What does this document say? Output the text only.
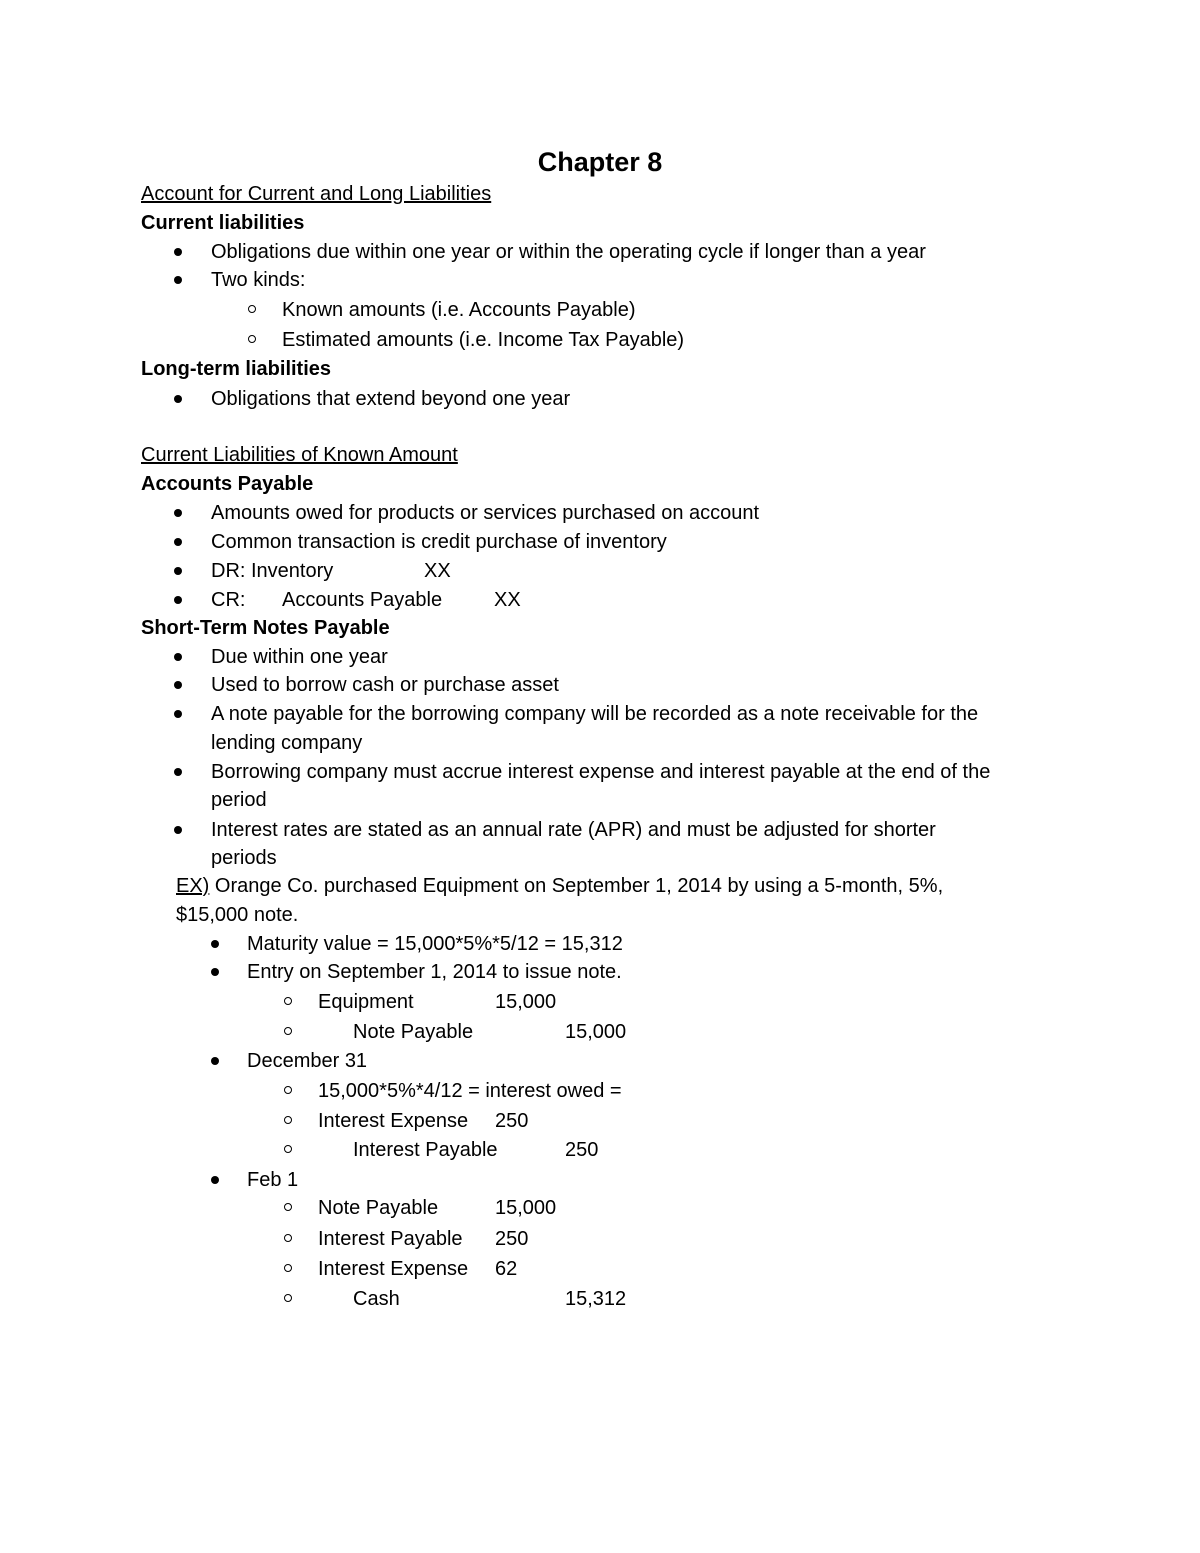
Chapter 8
Account for Current and Long Liabilities
Current liabilities
Obligations due within one year or within the operating cycle if longer than a year
Two kinds:
Known amounts (i.e. Accounts Payable)
Estimated amounts (i.e. Income Tax Payable)
Long-term liabilities
Obligations that extend beyond one year
Current Liabilities of Known Amount
Accounts Payable
Amounts owed for products or services purchased on account
Common transaction is credit purchase of inventory
DR: Inventory	XX
CR: Accounts Payable	XX
Short-Term Notes Payable
Due within one year
Used to borrow cash or purchase asset
A note payable for the borrowing company will be recorded as a note receivable for the
lending company
Borrowing company must accrue interest expense and interest payable at the end of the
period
Interest rates are stated as an annual rate (APR) and must be adjusted for shorter
periods
EX) Orange Co. purchased Equipment on September 1, 2014 by using a 5-month, 5%,
$15,000 note.
Maturity value = 15,000*5%*5/12 = 15,312
Entry on September 1, 2014 to issue note.
Equipment	15,000
Note Payable	15,000
December 31
15,000*5%*4/12 = interest owed =
Interest Expense 250
Interest Payable	250
Feb 1
Note Payable	15,000
Interest Payable 250
Interest Expense 62
Cash	15,312
